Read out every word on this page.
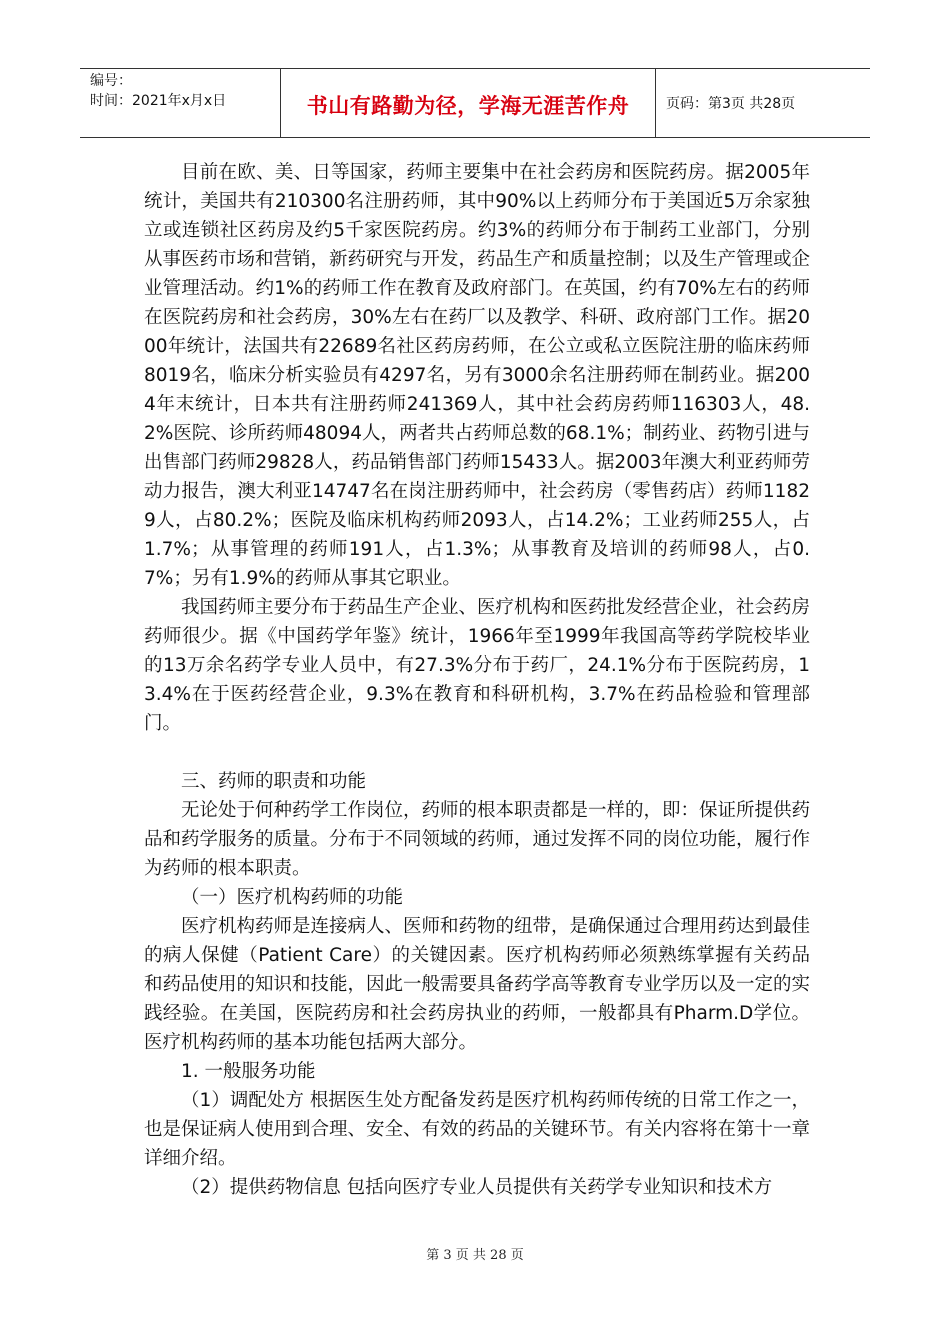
编号：
时间：2021年x月x日	书山有路勤为径，学海无涯苦作舟	页码：第3页 共28页

目前在欧、美、日等国家，药师主要集中在社会药房和医院药房。据2005年统计，美国共有210300名注册药师，其中90%以上药师分布于美国近5万余家独立或连锁社区药房及约5千家医院药房。约3%的药师分布于制药工业部门，分别从事医药市场和营销，新药研究与开发，药品生产和质量控制；以及生产管理或企业管理活动。约1%的药师工作在教育及政府部门。在英国，约有70%左右的药师在医院药房和社会药房，30%左右在药厂以及教学、科研、政府部门工作。据2000年统计，法国共有22689名社区药房药师，在公立或私立医院注册的临床药师8019名，临床分析实验员有4297名，另有3000余名注册药师在制药业。据2004年末统计，日本共有注册药师241369人，其中社会药房药师116303人，48.2%医院、诊所药师48094人，两者共占药师总数的68.1%；制药业、药物引进与出售部门药师29828人，药品销售部门药师15433人。据2003年澳大利亚药师劳动力报告，澳大利亚14747名在岗注册药师中，社会药房（零售药店）药师11829人，占80.2%；医院及临床机构药师2093人，占14.2%；工业药师255人，占1.7%；从事管理的药师191人，占1.3%；从事教育及培训的药师98人，占0.7%；另有1.9%的药师从事其它职业。

我国药师主要分布于药品生产企业、医疗机构和医药批发经营企业，社会药房药师很少。据《中国药学年鉴》统计，1966年至1999年我国高等药学院校毕业的13万余名药学专业人员中，有27.3%分布于药厂，24.1%分布于医院药房，13.4%在于医药经营企业，9.3%在教育和科研机构，3.7%在药品检验和管理部门。

三、药师的职责和功能

无论处于何种药学工作岗位，药师的根本职责都是一样的，即：保证所提供药品和药学服务的质量。分布于不同领域的药师，通过发挥不同的岗位功能，履行作为药师的根本职责。

（一）医疗机构药师的功能

医疗机构药师是连接病人、医师和药物的纽带，是确保通过合理用药达到最佳的病人保健（Patient Care）的关键因素。医疗机构药师必须熟练掌握有关药品和药品使用的知识和技能，因此一般需要具备药学高等教育专业学历以及一定的实践经验。在美国，医院药房和社会药房执业的药师，一般都具有Pharm.D学位。医疗机构药师的基本功能包括两大部分。

1. 一般服务功能

（1）调配处方 根据医生处方配备发药是医疗机构药师传统的日常工作之一，也是保证病人使用到合理、安全、有效的药品的关键环节。有关内容将在第十一章详细介绍。

（2）提供药物信息 包括向医疗专业人员提供有关药学专业知识和技术方

第 3 页 共 28 页
